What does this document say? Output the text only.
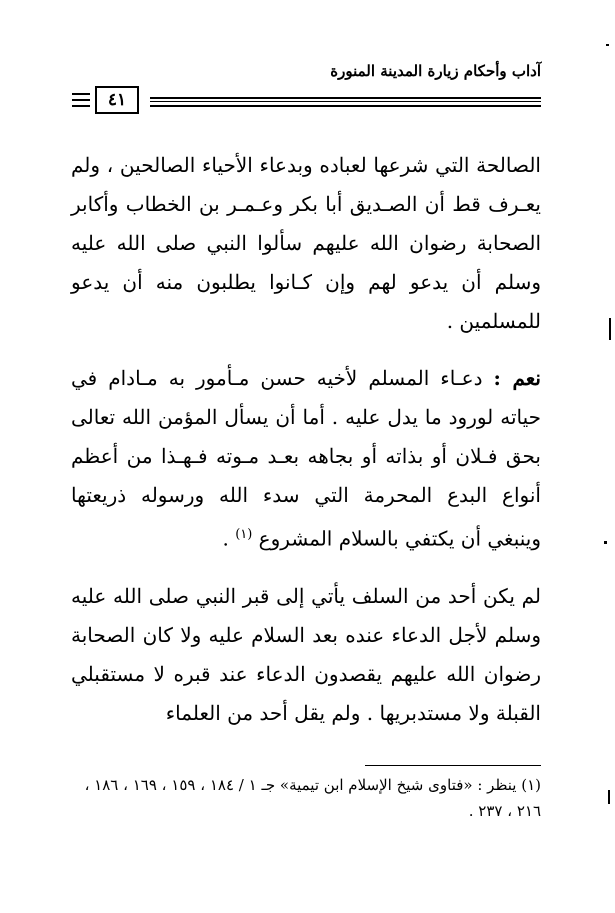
آداب وأحكام زيارة المدينة المنورة
٤١

الصالحة التي شرعها لعباده وبدعاء الأحياء الصالحين ، ولم يعـرف قط أن الصـديق أبا بكر وعـمـر بن الخطاب وأكابر الصحابة رضوان الله عليهم سألوا النبي صلى الله عليه وسلم أن يدعو لهم وإن كـانوا يطلبون منه أن يدعو للمسلمين .

نعم : دعـاء المسلم لأخيه حسن مـأمور به مـادام في حياته لورود ما يدل عليه . أما أن يسأل المؤمن الله تعالى بحق فـلان أو بذاته أو بجاهه بعـد مـوته فـهـذا من أعظم أنواع البدع المحرمة التي سدء الله ورسوله ذريعتها وينبغي أن يكتفي بالسلام المشروع $^{(١)}$ .

لم يكن أحد من السلف يأتي إلى قبر النبي صلى الله عليه وسلم لأجل الدعاء عنده بعد السلام عليه ولا كان الصحابة رضوان الله عليهم يقصدون الدعاء عند قبره لا مستقبلي القبلة ولا مستدبريها . ولم يقل أحد من العلماء

(١) ينظر : «فتاوى شيخ الإسلام ابن تيمية» جـ ١ / ١٨٤ ، ١٥٩ ، ١٦٩ ، ١٨٦ ، ٢١٦ ، ٢٣٧ .
